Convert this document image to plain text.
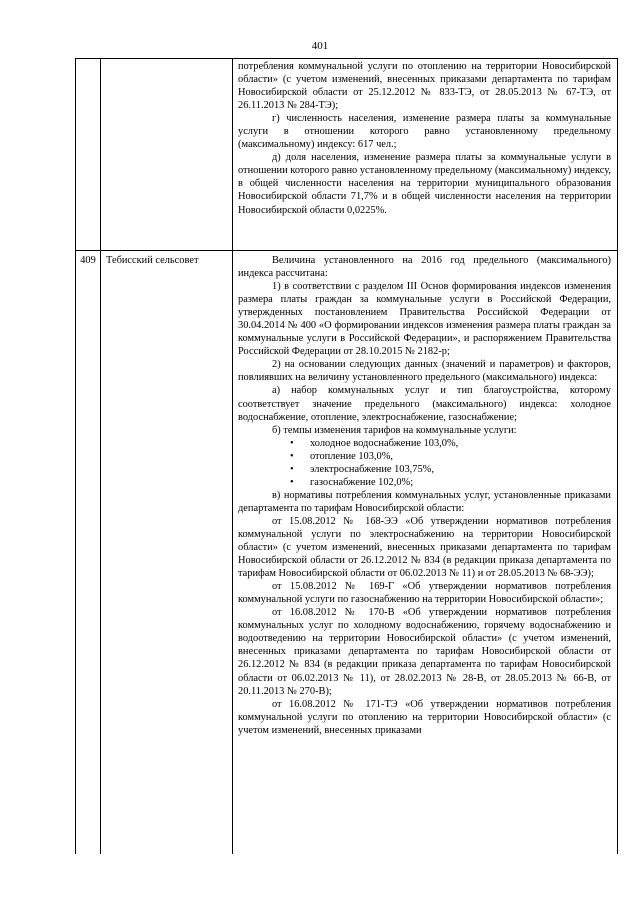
401

потребления коммунальной услуги по отоплению на территории Новосибирской области» (с учетом изменений, внесенных приказами департамента по тарифам Новосибирской области от 25.12.2012 № 833-ТЭ, от 28.05.2013 № 67-ТЭ, от 26.11.2013 № 284-ТЭ);

г) численность населения, изменение размера платы за коммунальные услуги в отношении которого равно установленному предельному (максимальному) индексу: 617 чел.;

д) доля населения, изменение размера платы за коммунальные услуги в отношении которого равно установленному предельному (максимальному) индексу, в общей численности населения на территории муниципального образования Новосибирской области 71,7% и в общей численности населения на территории Новосибирской области 0,0225%.

409 Тебисский сельсовет	Величина установленного на 2016 год предельного (максимального) индекса рассчитана:

1) в соответствии с разделом III Основ формирования индексов изменения размера платы граждан за коммунальные услуги в Российской Федерации, утвержденных постановлением Правительства Российской Федерации от 30.04.2014 № 400 «О формировании индексов изменения размера платы граждан за коммунальные услуги в Российской Федерации», и распоряжением Правительства Российской Федерации от 28.10.2015 № 2182-р;

2) на основании следующих данных (значений и параметров) и факторов, повлиявших на величину установленного предельного (максимального) индекса:

а) набор коммунальных услуг и тип благоустройства, которому соответствует значение предельного (максимального) индекса: холодное водоснабжение, отопление, электроснабжение, газоснабжение;

б) темпы изменения тарифов на коммунальные услуги:

• холодное водоснабжение 103,0%,
• отопление 103,0%,
• электроснабжение 103,75%,
• газоснабжение 102,0%;

в) нормативы потребления коммунальных услуг, установленные приказами департамента по тарифам Новосибирской области:

от 15.08.2012 № 168-ЭЭ «Об утверждении нормативов потребления коммунальной услуги по электроснабжению на территории Новосибирской области» (с учетом изменений, внесенных приказами департамента по тарифам Новосибирской области от 26.12.2012 № 834 (в редакции приказа департамента по тарифам Новосибирской области от 06.02.2013 № 11) и от 28.05.2013 № 68-ЭЭ);

от 15.08.2012 № 169-Г «Об утверждении нормативов потребления коммунальной услуги по газоснабжению на территории Новосибирской области»;

от 16.08.2012 № 170-В «Об утверждении нормативов потребления коммунальных услуг по холодному водоснабжению, горячему водоснабжению и водоотведению на территории Новосибирской области» (с учетом изменений, внесенных приказами департамента по тарифам Новосибирской области от 26.12.2012 № 834 (в редакции приказа департамента по тарифам Новосибирской области от 06.02.2013 № 11), от 28.02.2013 № 28-В, от 28.05.2013 № 66-В, от 20.11.2013 № 270-В);

от 16.08.2012 № 171-ТЭ «Об утверждении нормативов потребления коммунальной услуги по отоплению на территории Новосибирской области» (с учетом изменений, внесенных приказами
